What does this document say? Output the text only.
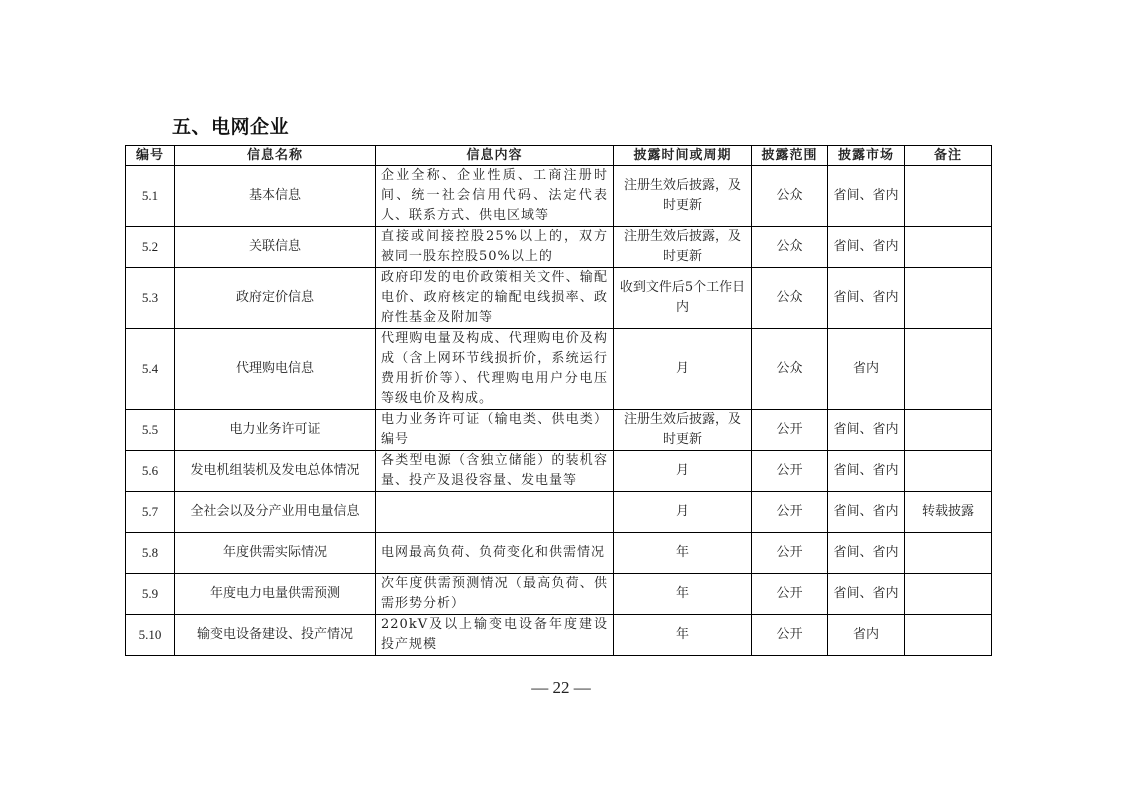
五、电网企业
编号	信息名称	信息内容	披露时间或周期	披露范围	披露市场	备注
5.1	基本信息	企业全称、企业性质、工商注册时间、统一社会信用代码、法定代表人、联系方式、供电区域等	注册生效后披露，及时更新	公众	省间、省内	
5.2	关联信息	直接或间接控股25%以上的，双方被同一股东控股50%以上的	注册生效后披露，及时更新	公众	省间、省内	
5.3	政府定价信息	政府印发的电价政策相关文件、输配电价、政府核定的输配电线损率、政府性基金及附加等	收到文件后5个工作日内	公众	省间、省内	
5.4	代理购电信息	代理购电量及构成、代理购电价及构成（含上网环节线损折价，系统运行费用折价等）、代理购电用户分电压等级电价及构成。	月	公众	省内	
5.5	电力业务许可证	电力业务许可证（输电类、供电类）编号	注册生效后披露，及时更新	公开	省间、省内	
5.6	发电机组装机及发电总体情况	各类型电源（含独立储能）的装机容量、投产及退役容量、发电量等	月	公开	省间、省内	
5.7	全社会以及分产业用电量信息		月	公开	省间、省内	转载披露
5.8	年度供需实际情况	电网最高负荷、负荷变化和供需情况	年	公开	省间、省内	
5.9	年度电力电量供需预测	次年度供需预测情况（最高负荷、供需形势分析）	年	公开	省间、省内	
5.10	输变电设备建设、投产情况	220kV及以上输变电设备年度建设投产规模	年	公开	省内	
— 22 —
